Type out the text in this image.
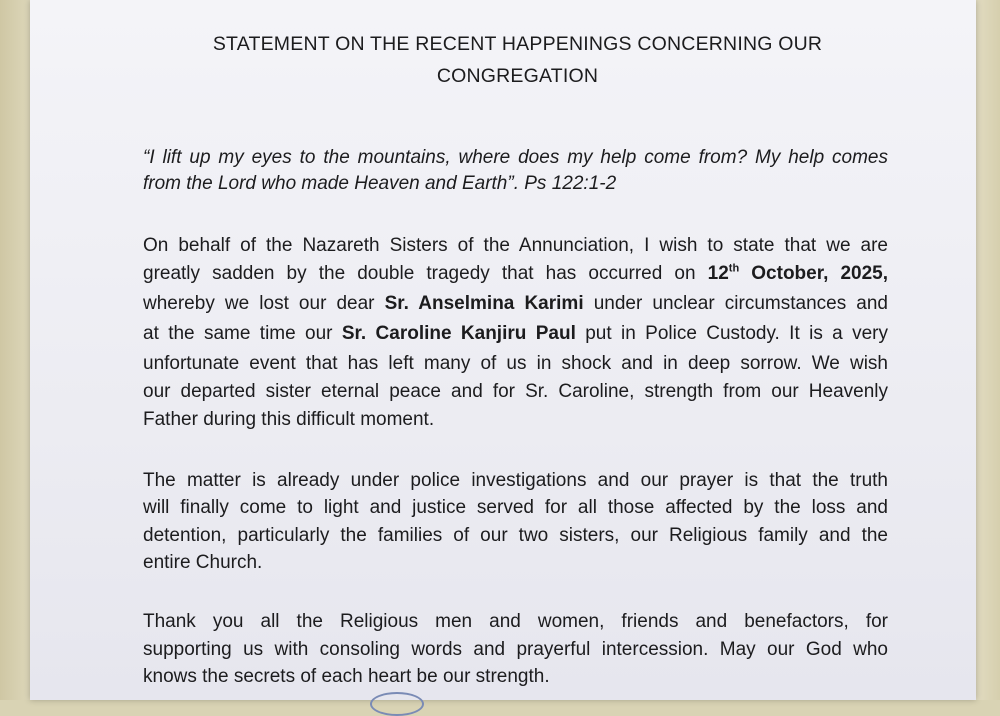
STATEMENT ON THE RECENT HAPPENINGS CONCERNING OUR
CONGREGATION
“I lift up my eyes to the mountains, where does my help come from? My help comes
from the Lord who made Heaven and Earth”. Ps 122:1-2
On behalf of the Nazareth Sisters of the Annunciation, I wish to state that we are
greatly sadden by the double tragedy that has occurred on 12th October, 2025,
whereby we lost our dear Sr. Anselmina Karimi under unclear circumstances and
at the same time our Sr. Caroline Kanjiru Paul put in Police Custody. It is a very
unfortunate event that has left many of us in shock and in deep sorrow. We wish
our departed sister eternal peace and for Sr. Caroline, strength from our Heavenly
Father during this difficult moment.
The matter is already under police investigations and our prayer is that the truth
will finally come to light and justice served for all those affected by the loss and
detention, particularly the families of our two sisters, our Religious family and the
entire Church.
Thank you all the Religious men and women, friends and benefactors, for
supporting us with consoling words and prayerful intercession. May our God who
knows the secrets of each heart be our strength.
